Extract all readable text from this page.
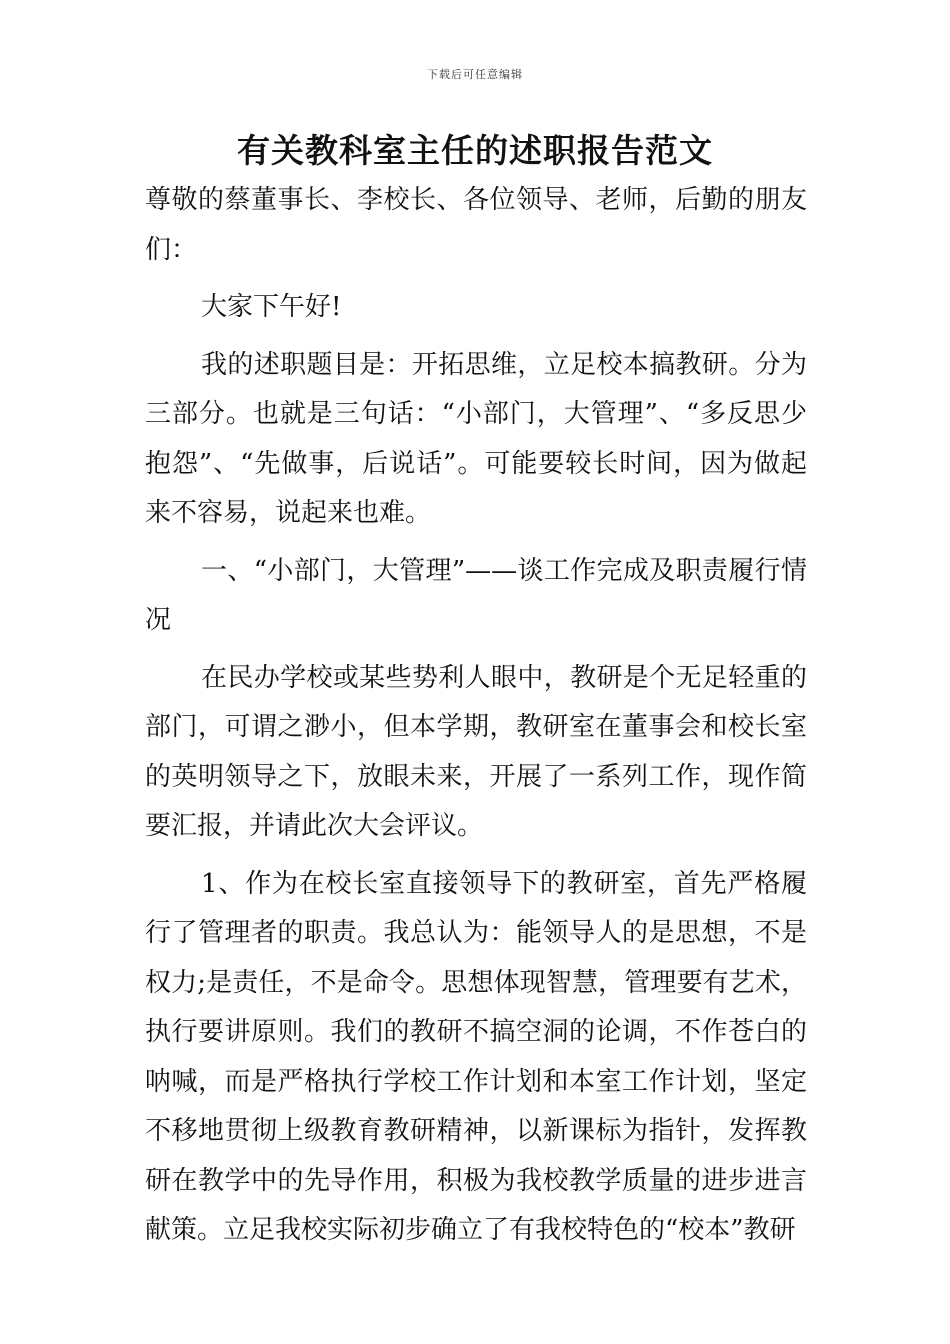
下载后可任意编辑
有关教科室主任的述职报告范文

尊敬的蔡董事长、李校长、各位领导、老师，后勤的朋友们：

大家下午好!

我的述职题目是：开拓思维，立足校本搞教研。分为三部分。也就是三句话：“小部门，大管理”、“多反思少抱怨”、“先做事，后说话”。可能要较长时间，因为做起来不容易，说起来也难。

一、“小部门，大管理”——谈工作完成及职责履行情况

在民办学校或某些势利人眼中，教研是个无足轻重的部门，可谓之渺小，但本学期，教研室在董事会和校长室的英明领导之下，放眼未来，开展了一系列工作，现作简要汇报，并请此次大会评议。

1、作为在校长室直接领导下的教研室，首先严格履行了管理者的职责。我总认为：能领导人的是思想，不是权力;是责任，不是命令。思想体现智慧，管理要有艺术，执行要讲原则。我们的教研不搞空洞的论调，不作苍白的呐喊，而是严格执行学校工作计划和本室工作计划，坚定不移地贯彻上级教育教研精神，以新课标为指针，发挥教研在教学中的先导作用，积极为我校教学质量的进步进言献策。立足我校实际初步确立了有我校特色的“校本”教研
